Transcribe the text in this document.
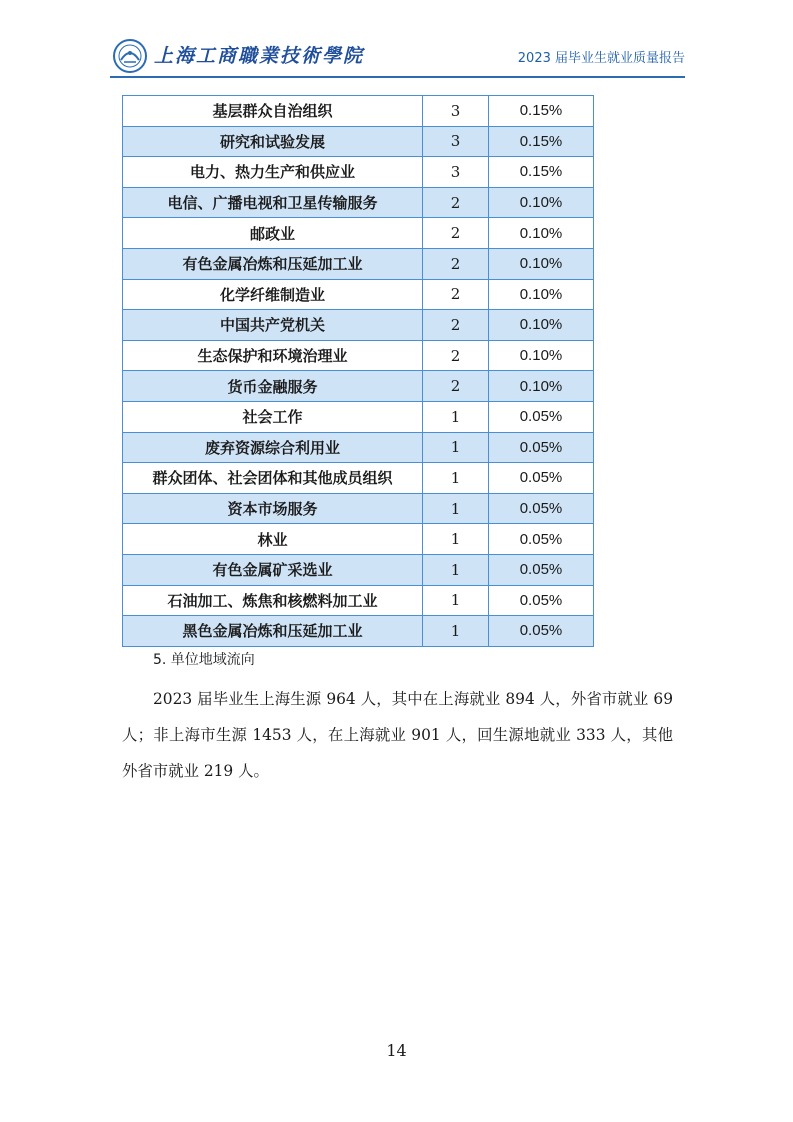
上海工商職業技術學院	2023 届毕业生就业质量报告
基层群众自治组织	3	0.15%
研究和试验发展	3	0.15%
电力、热力生产和供应业	3	0.15%
电信、广播电视和卫星传输服务	2	0.10%
邮政业	2	0.10%
有色金属冶炼和压延加工业	2	0.10%
化学纤维制造业	2	0.10%
中国共产党机关	2	0.10%
生态保护和环境治理业	2	0.10%
货币金融服务	2	0.10%
社会工作	1	0.05%
废弃资源综合利用业	1	0.05%
群众团体、社会团体和其他成员组织	1	0.05%
资本市场服务	1	0.05%
林业	1	0.05%
有色金属矿采选业	1	0.05%
石油加工、炼焦和核燃料加工业	1	0.05%
黑色金属冶炼和压延加工业	1	0.05%
5. 单位地域流向

2023 届毕业生上海生源 964 人，其中在上海就业 894 人，外省市就业 69 人；非上海市生源 1453 人，在上海就业 901 人，回生源地就业 333 人，其他外省市就业 219 人。

14
